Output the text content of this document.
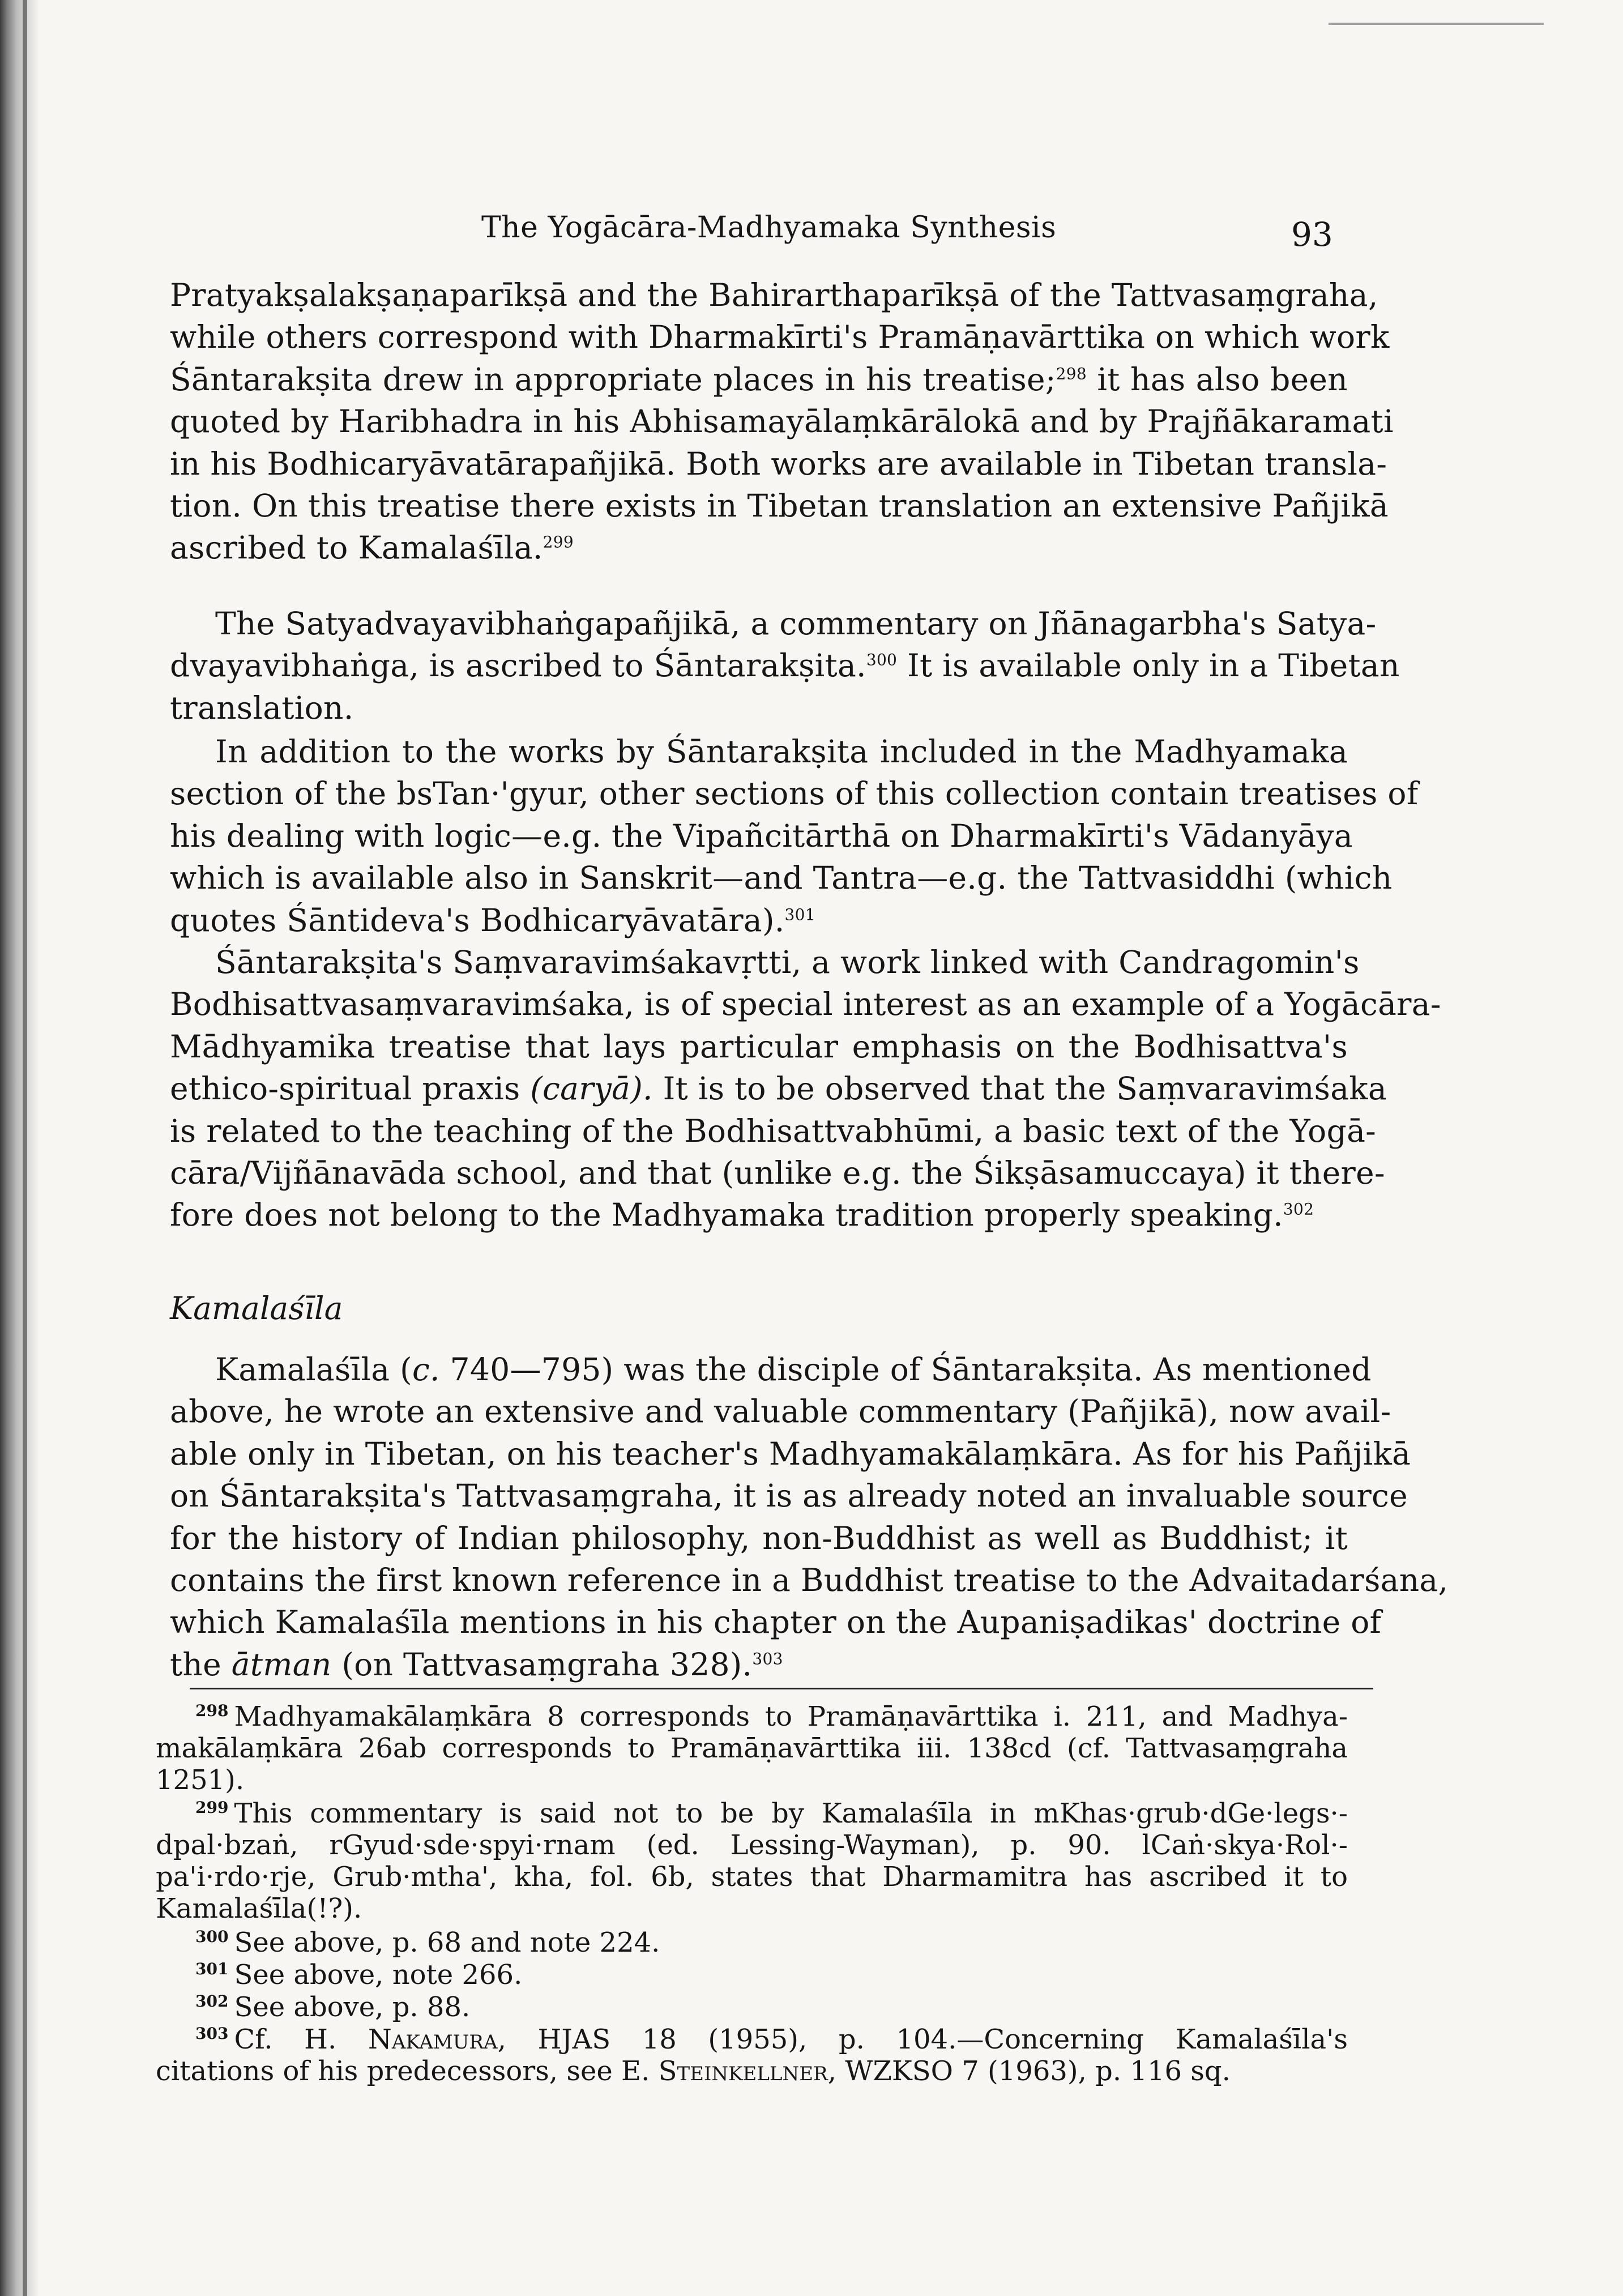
The Yogācāra-Madhyamaka Synthesis	93
Pratyakṣalakṣaṇaparīkṣā and the Bahirarthaparīkṣā of the Tattvasaṃgraha,
while others correspond with Dharmakīrti's Pramāṇavārttika on which work
Śāntarakṣita drew in appropriate places in his treatise;$^{298}$ it has also been
quoted by Haribhadra in his Abhisamayālaṃkārālokā and by Prajñākaramati
in his Bodhicaryāvatārapañjikā. Both works are available in Tibetan transla-
tion. On this treatise there exists in Tibetan translation an extensive Pañjikā
ascribed to Kamalaśīla.$^{299}$
The Satyadvayavibhaṅgapañjikā, a commentary on Jñānagarbha's Satya-
dvayavibhaṅga, is ascribed to Śāntarakṣita.$^{300}$ It is available only in a Tibetan
translation.
In addition to the works by Śāntarakṣita included in the Madhyamaka
section of the bsTan·'gyur, other sections of this collection contain treatises of
his dealing with logic—e.g. the Vipañcitārthā on Dharmakīrti's Vādanyāya
which is available also in Sanskrit—and Tantra—e.g. the Tattvasiddhi (which
quotes Śāntideva's Bodhicaryāvatāra).$^{301}$
Śāntarakṣita's Saṃvaravimśakavṛtti, a work linked with Candragomin's
Bodhisattvasaṃvaravimśaka, is of special interest as an example of a Yogācāra-
Mādhyamika treatise that lays particular emphasis on the Bodhisattva's
ethico-spiritual praxis (caryā). It is to be observed that the Saṃvaravimśaka
is related to the teaching of the Bodhisattvabhūmi, a basic text of the Yogā-
cāra/Vijñānavāda school, and that (unlike e.g. the Śikṣāsamuccaya) it there-
fore does not belong to the Madhyamaka tradition properly speaking.$^{302}$
Kamalaśīla
Kamalaśīla (c. 740—795) was the disciple of Śāntarakṣita. As mentioned
above, he wrote an extensive and valuable commentary (Pañjikā), now avail-
able only in Tibetan, on his teacher's Madhyamakālaṃkāra. As for his Pañjikā
on Śāntarakṣita's Tattvasaṃgraha, it is as already noted an invaluable source
for the history of Indian philosophy, non-Buddhist as well as Buddhist; it
contains the first known reference in a Buddhist treatise to the Advaitadarśana,
which Kamalaśīla mentions in his chapter on the Aupaniṣadikas' doctrine of
the ātman (on Tattvasaṃgraha 328).$^{303}$
$^{298}$ Madhyamakālaṃkāra 8 corresponds to Pramāṇavārttika i. 211, and Madhya-
makālaṃkāra 26ab corresponds to Pramāṇavārttika iii. 138cd (cf. Tattvasaṃgraha
1251).
$^{299}$ This commentary is said not to be by Kamalaśīla in mKhas·grub·dGe·legs·-
dpal·bzaṅ, rGyud·sde·spyi·rnam (ed. Lessing-Wayman), p. 90. lCaṅ·skya·Rol·-
pa'i·rdo·rje, Grub·mtha', kha, fol. 6b, states that Dharmamitra has ascribed it to
Kamalaśīla(!?).
$^{300}$ See above, p. 68 and note 224.
$^{301}$ See above, note 266.
$^{302}$ See above, p. 88.
$^{303}$ Cf. H. Nakamura, HJAS 18 (1955), p. 104.—Concerning Kamalaśīla's
citations of his predecessors, see E. Steinkellner, WZKSO 7 (1963), p. 116 sq.
